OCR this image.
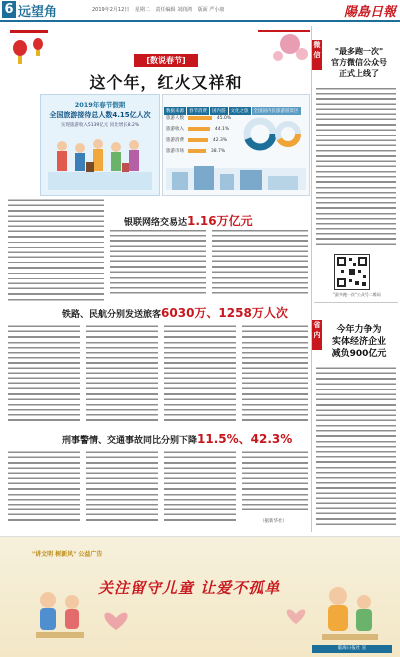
6 远望角	2019年2月12日 星期二 责任编辑 刘润鸿 版面 严小康	陽島日報
[数说春节]
这个年，红火又祥和
2019年春节假期
全国旅游接待总人数4.15亿人次
实现旅游收入5139亿元 同比增长8.2%
数据来源 春节消费 国内游 文化之旅 全国国内民旅游游景区
旅游人数	45.0%
旅游收入	44.1%
旅游消费	42.3%
旅游市场	38.7%
银联网络交易达1.16万亿元
铁路、民航分别发送旅客6030万、1258万人次
刑事警情、交通事故同比分别下降11.5%、42.3%
（据新华社）
微信	"最多跑一次"
官方微信公众号
正式上线了
"最多跑一次"公众号二维码
省内	今年力争为
实体经济企业
减负900亿元
"讲文明 树新风" 公益广告
关注留守儿童 让爱不孤单
临海日报社 宣
